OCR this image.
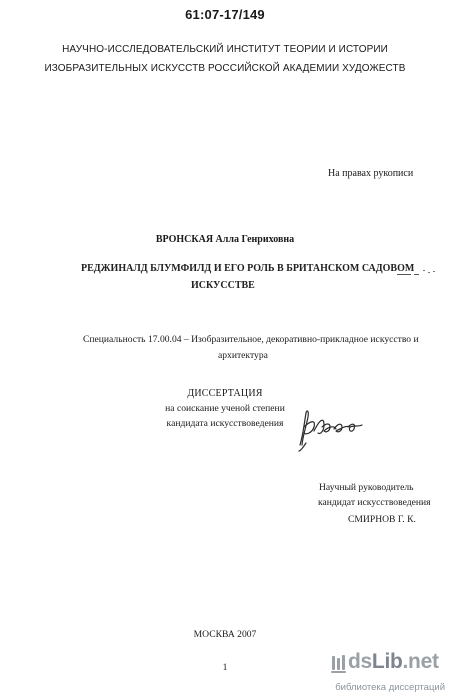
61:07-17/149
НАУЧНО-ИССЛЕДОВАТЕЛЬСКИЙ ИНСТИТУТ ТЕОРИИ И ИСТОРИИ
ИЗОБРАЗИТЕЛЬНЫХ ИСКУССТВ РОССИЙСКОЙ АКАДЕМИИ ХУДОЖЕСТВ
На правах рукописи
ВРОНСКАЯ Алла Генриховна
РЕДЖИНАЛД БЛУМФИЛД И ЕГО РОЛЬ В БРИТАНСКОМ САДОВОМ
ИСКУССТВЕ
Специальность 17.00.04 – Изобразительное, декоративно-прикладное искусство и
архитектура
ДИССЕРТАЦИЯ
на соискание ученой степени
кандидата искусствоведения
Научный руководитель
кандидат искусствоведения
СМИРНОВ Г. К.
МОСКВА 2007
1	dsLib.net
библиотека диссертаций
